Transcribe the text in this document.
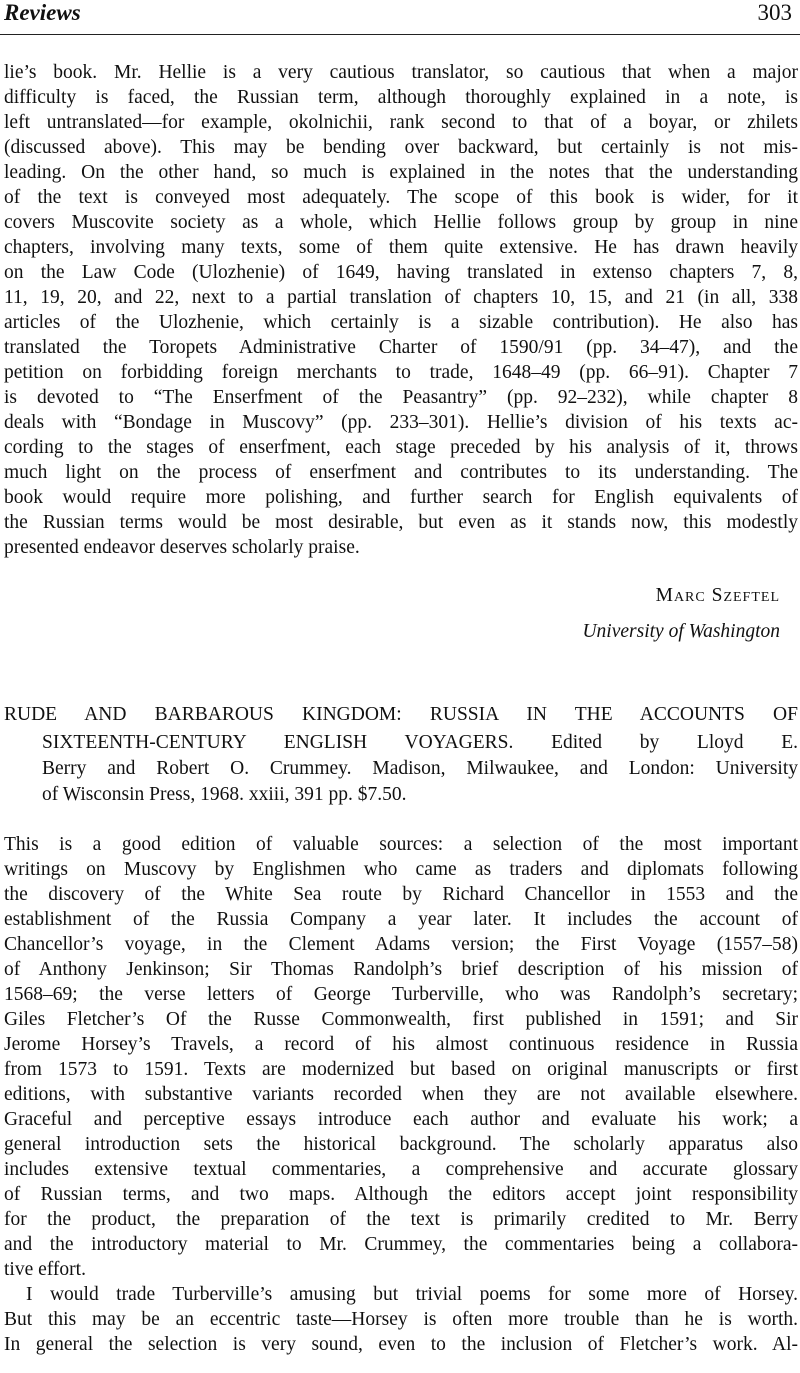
Reviews	303
lie’s book. Mr. Hellie is a very cautious translator, so cautious that when a major
difficulty is faced, the Russian term, although thoroughly explained in a note, is
left untranslated—for example, okolnichii, rank second to that of a boyar, or zhilets
(discussed above). This may be bending over backward, but certainly is not mis-
leading. On the other hand, so much is explained in the notes that the understanding
of the text is conveyed most adequately. The scope of this book is wider, for it
covers Muscovite society as a whole, which Hellie follows group by group in nine
chapters, involving many texts, some of them quite extensive. He has drawn heavily
on the Law Code (Ulozhenie) of 1649, having translated in extenso chapters 7, 8,
11, 19, 20, and 22, next to a partial translation of chapters 10, 15, and 21 (in all, 338
articles of the Ulozhenie, which certainly is a sizable contribution). He also has
translated the Toropets Administrative Charter of 1590/91 (pp. 34–47), and the
petition on forbidding foreign merchants to trade, 1648–49 (pp. 66–91). Chapter 7
is devoted to “The Enserfment of the Peasantry” (pp. 92–232), while chapter 8
deals with “Bondage in Muscovy” (pp. 233–301). Hellie’s division of his texts ac-
cording to the stages of enserfment, each stage preceded by his analysis of it, throws
much light on the process of enserfment and contributes to its understanding. The
book would require more polishing, and further search for English equivalents of
the Russian terms would be most desirable, but even as it stands now, this modestly
presented endeavor deserves scholarly praise.
Marc Szeftel
University of Washington
RUDE AND BARBAROUS KINGDOM: RUSSIA IN THE ACCOUNTS OF
SIXTEENTH-CENTURY ENGLISH VOYAGERS. Edited by Lloyd E.
Berry and Robert O. Crummey. Madison, Milwaukee, and London: University
of Wisconsin Press, 1968. xxiii, 391 pp. $7.50.
This is a good edition of valuable sources: a selection of the most important
writings on Muscovy by Englishmen who came as traders and diplomats following
the discovery of the White Sea route by Richard Chancellor in 1553 and the
establishment of the Russia Company a year later. It includes the account of
Chancellor’s voyage, in the Clement Adams version; the First Voyage (1557–58)
of Anthony Jenkinson; Sir Thomas Randolph’s brief description of his mission of
1568–69; the verse letters of George Turberville, who was Randolph’s secretary;
Giles Fletcher’s Of the Russe Commonwealth, first published in 1591; and Sir
Jerome Horsey’s Travels, a record of his almost continuous residence in Russia
from 1573 to 1591. Texts are modernized but based on original manuscripts or first
editions, with substantive variants recorded when they are not available elsewhere.
Graceful and perceptive essays introduce each author and evaluate his work; a
general introduction sets the historical background. The scholarly apparatus also
includes extensive textual commentaries, a comprehensive and accurate glossary
of Russian terms, and two maps. Although the editors accept joint responsibility
for the product, the preparation of the text is primarily credited to Mr. Berry
and the introductory material to Mr. Crummey, the commentaries being a collabora-
tive effort.
I would trade Turberville’s amusing but trivial poems for some more of Horsey.
But this may be an eccentric taste—Horsey is often more trouble than he is worth.
In general the selection is very sound, even to the inclusion of Fletcher’s work. Al-
